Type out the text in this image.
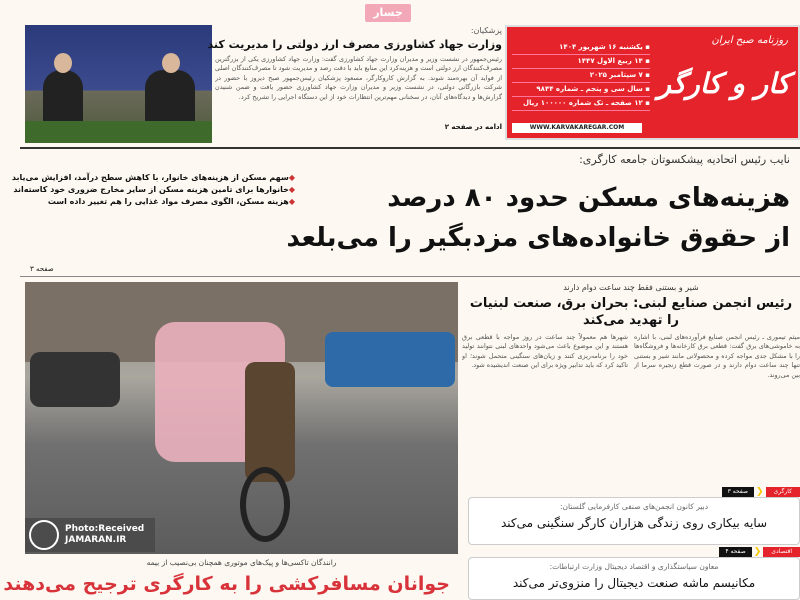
جسار
پزشکیان:
وزارت جهاد کشاورزی مصرف ارز دولتی را مدیریت کند
رئیس‌جمهور در نشست وزیر و مدیران وزارت جهاد کشاورزی گفت: وزارت جهاد کشاورزی یکی از بزرگترین مصرف‌کنندگان ارز دولتی است و هزینه‌کرد این منابع باید با دقت رصد و مدیریت شود تا مصرف‌کنندگان اصلی از فواید آن بهره‌مند شوند. به گزارش کاروکارگر، مسعود پزشکیان رئیس‌جمهور صبح دیروز با حضور در شرکت بازرگانی دولتی، در نشست وزیر و مدیران وزارت جهاد کشاورزی حضور یافت و ضمن شنیدن گزارش‌ها و دیدگاه‌های آنان، در سخنانی مهم‌ترین انتظارات خود از این دستگاه اجرایی را تشریح کرد.
ادامه در صفحه ۲
روزنامه صبح ایران
کار و کارگر
▪ یکشنبه ۱۶ شهریور ۱۴۰۴
▪ ۱۴ ربیع الاول ۱۴۴۷
▪ ۷ سپتامبر ۲۰۲۵
▪ سال سی و پنجم ـ شماره ۹۸۴۴
▪ ۱۲ صفحه ـ تک شماره ۱۰۰۰۰۰ ریال
WWW.KARVAKAREGAR.COM
نایب رئیس اتحادیه پیشکسوتان جامعه کارگری:
◆سهم مسکن از هزینه‌های خانوار، با کاهش سطح درآمد، افزایش می‌یابد
◆خانوارها برای تامین هزینه مسکن از سایر مخارج ضروری خود کاسته‌اند
◆هزینه مسکن، الگوی مصرف مواد غذایی را هم تغییر داده است	هزینه‌های مسکن حدود ۸۰ درصد
از حقوق خانواده‌های مزدبگیر را می‌بلعد
صفحه ۳
رانندگان تاکسی‌ها و پیک‌های موتوری همچنان بی‌نصیب از بیمه
جوانان مسافرکشی را به کارگری ترجیح می‌دهند
Photo:Received
JAMARAN.IR
شیر و بستنی فقط چند ساعت دوام دارند
رئیس انجمن صنایع لبنی: بحران برق، صنعت لبنیات را تهدید می‌کند
میثم تیموری ـ رئیس انجمن صنایع فرآورده‌های لبنی، با اشاره به خاموشی‌های برق گفت: قطعی برق کارخانه‌ها و فروشگاه‌ها را با مشکل جدی مواجه کرده و محصولاتی مانند شیر و بستنی تنها چند ساعت دوام دارند و در صورت قطع زنجیره سرما از بین می‌روند.
شهرها هم معمولاً چند ساعت در روز مواجه با قطعی برق هستند و این موضوع باعث می‌شود واحدهای لبنی نتوانند تولید خود را برنامه‌ریزی کنند و زیان‌های سنگینی متحمل شوند؛ او تاکید کرد که باید تدابیر ویژه برای این صنعت اندیشیده شود.
کارگری
❮
صفحه ۳
دبیر کانون انجمن‌های صنفی کارفرمایی گلستان:
سایه بیکاری روی زندگی هزاران کارگر سنگینی می‌کند
اقتصادی
❮
صفحه ۴
معاون سیاستگذاری و اقتصاد دیجیتال وزارت ارتباطات:
مکانیسم ماشه صنعت دیجیتال را منزوی‌تر می‌کند
